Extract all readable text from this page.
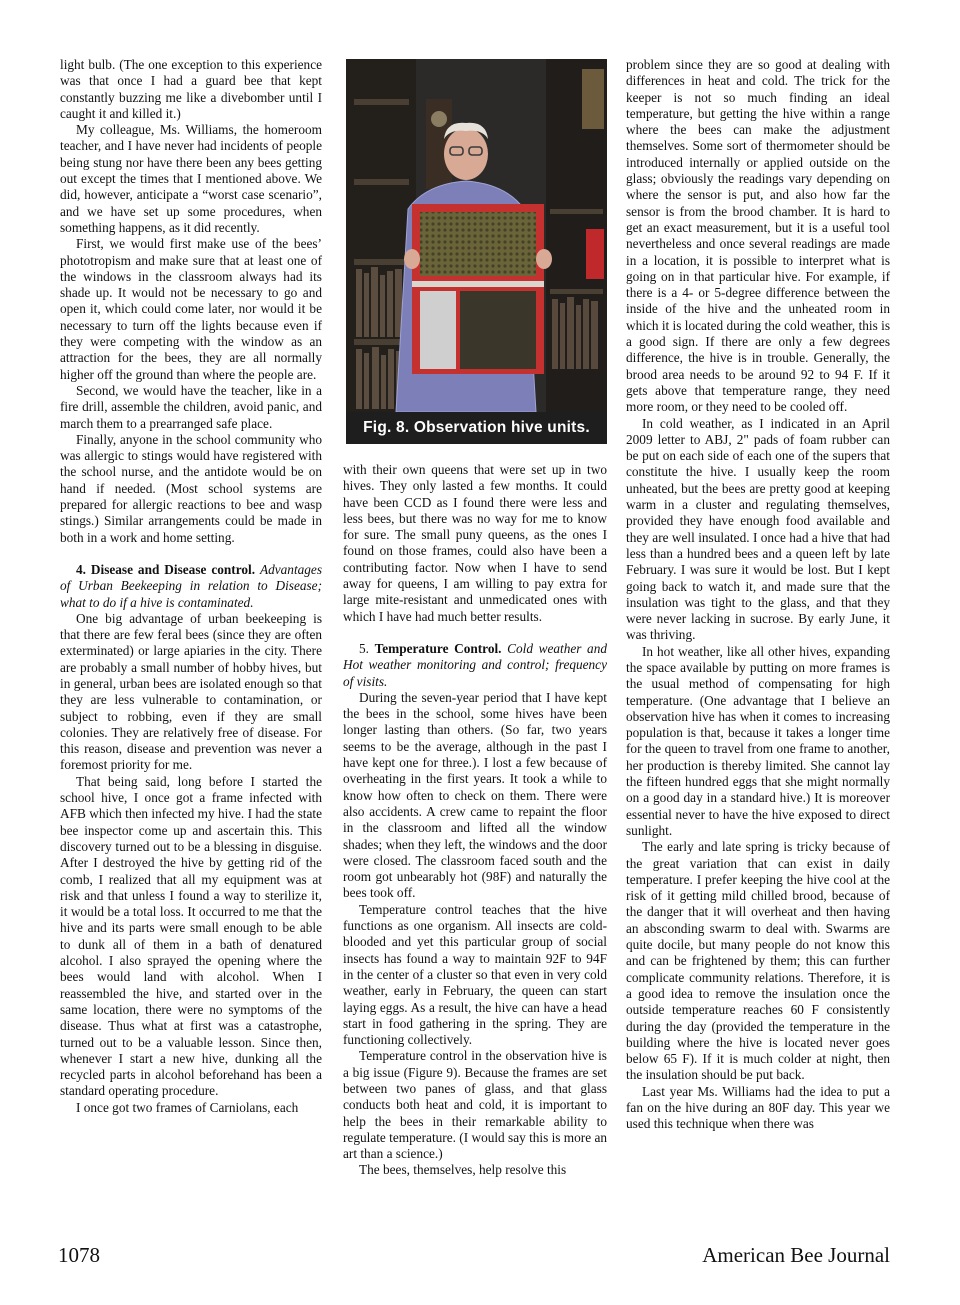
light bulb. (The one exception to this experience was that once I had a guard bee that kept constantly buzzing me like a divebomber until I caught it and killed it.)

My colleague, Ms. Williams, the homeroom teacher, and I have never had incidents of people being stung nor have there been any bees getting out except the times that I mentioned above. We did, however, anticipate a “worst case scenario”, and we have set up some procedures, when something happens, as it did recently.

First, we would first make use of the bees’ phototropism and make sure that at least one of the windows in the classroom always had its shade up. It would not be necessary to go and open it, which could come later, nor would it be necessary to turn off the lights because even if they were competing with the window as an attraction for the bees, they are all normally higher off the ground than where the people are.

Second, we would have the teacher, like in a fire drill, assemble the children, avoid panic, and march them to a prearranged safe place.

Finally, anyone in the school community who was allergic to stings would have registered with the school nurse, and the antidote would be on hand if needed. (Most school systems are prepared for allergic reactions to bee and wasp stings.) Similar arrangements could be made in both in a work and home setting.

4. Disease and Disease control. Advantages of Urban Beekeeping in relation to Disease; what to do if a hive is contaminated.

One big advantage of urban beekeeping is that there are few feral bees (since they are often exterminated) or large apiaries in the city. There are probably a small number of hobby hives, but in general, urban bees are isolated enough so that they are less vulnerable to contamination, or subject to robbing, even if they are small colonies. They are relatively free of disease. For this reason, disease and prevention was never a foremost priority for me.

That being said, long before I started the school hive, I once got a frame infected with AFB which then infected my hive. I had the state bee inspector come up and ascertain this. This discovery turned out to be a blessing in disguise. After I destroyed the hive by getting rid of the comb, I realized that all my equipment was at risk and that unless I found a way to sterilize it, it would be a total loss. It occurred to me that the hive and its parts were small enough to be able to dunk all of them in a bath of denatured alcohol. I also sprayed the opening where the bees would land with alcohol. When I reassembled the hive, and started over in the same location, there were no symptoms of the disease. Thus what at first was a catastrophe, turned out to be a valuable lesson. Since then, whenever I start a new hive, dunking all the recycled parts in alcohol beforehand has been a standard operating procedure.

I once got two frames of Carniolans, each

Fig. 8. Observation hive units.

with their own queens that were set up in two hives. They only lasted a few months. It could have been CCD as I found there were less and less bees, but there was no way for me to know for sure. The small puny queens, as the ones I found on those frames, could also have been a contributing factor. Now when I have to send away for queens, I am willing to pay extra for large mite-resistant and unmedicated ones with which I have had much better results.

5. Temperature Control. Cold weather and Hot weather monitoring and control; frequency of visits.

During the seven-year period that I have kept the bees in the school, some hives have been longer lasting than others. (So far, two years seems to be the average, although in the past I have kept one for three.). I lost a few because of overheating in the first years. It took a while to know how often to check on them. There were also accidents. A crew came to repaint the floor in the classroom and lifted all the window shades; when they left, the windows and the door were closed. The classroom faced south and the room got unbearably hot (98F) and naturally the bees took off.

Temperature control teaches that the hive functions as one organism. All insects are cold-blooded and yet this particular group of social insects has found a way to maintain 92F to 94F in the center of a cluster so that even in very cold weather, early in February, the queen can start laying eggs. As a result, the hive can have a head start in food gathering in the spring. They are functioning collectively.

Temperature control in the observation hive is a big issue (Figure 9). Because the frames are set between two panes of glass, and that glass conducts both heat and cold, it is important to help the bees in their remarkable ability to regulate temperature. (I would say this is more an art than a science.)

The bees, themselves, help resolve this

problem since they are so good at dealing with differences in heat and cold. The trick for the keeper is not so much finding an ideal temperature, but getting the hive within a range where the bees can make the adjustment themselves. Some sort of thermometer should be introduced internally or applied outside on the glass; obviously the readings vary depending on where the sensor is put, and also how far the sensor is from the brood chamber. It is hard to get an exact measurement, but it is a useful tool nevertheless and once several readings are made in a location, it is possible to interpret what is going on in that particular hive. For example, if there is a 4- or 5-degree difference between the inside of the hive and the unheated room in which it is located during the cold weather, this is a good sign. If there are only a few degrees difference, the hive is in trouble. Generally, the brood area needs to be around 92 to 94 F. If it gets above that temperature range, they need more room, or they need to be cooled off.

In cold weather, as I indicated in an April 2009 letter to ABJ, 2" pads of foam rubber can be put on each side of each one of the supers that constitute the hive. I usually keep the room unheated, but the bees are pretty good at keeping warm in a cluster and regulating themselves, provided they have enough food available and they are well insulated. I once had a hive that had less than a hundred bees and a queen left by late February. I was sure it would be lost. But I kept going back to watch it, and made sure that the insulation was tight to the glass, and that they were never lacking in sucrose. By early June, it was thriving.

In hot weather, like all other hives, expanding the space available by putting on more frames is the usual method of compensating for high temperature. (One advantage that I believe an observation hive has when it comes to increasing population is that, because it takes a longer time for the queen to travel from one frame to another, her production is thereby limited. She cannot lay the fifteen hundred eggs that she might normally on a good day in a standard hive.) It is moreover essential never to have the hive exposed to direct sunlight.

The early and late spring is tricky because of the great variation that can exist in daily temperature. I prefer keeping the hive cool at the risk of it getting mild chilled brood, because of the danger that it will overheat and then having an absconding swarm to deal with. Swarms are quite docile, but many people do not know this and can be frightened by them; this can further complicate community relations. Therefore, it is a good idea to remove the insulation once the outside temperature reaches 60 F consistently during the day (provided the temperature in the building where the hive is located never goes below 65 F). If it is much colder at night, then the insulation should be put back.

Last year Ms. Williams had the idea to put a fan on the hive during an 80F day. This year we used this technique when there was

1078	American Bee Journal
